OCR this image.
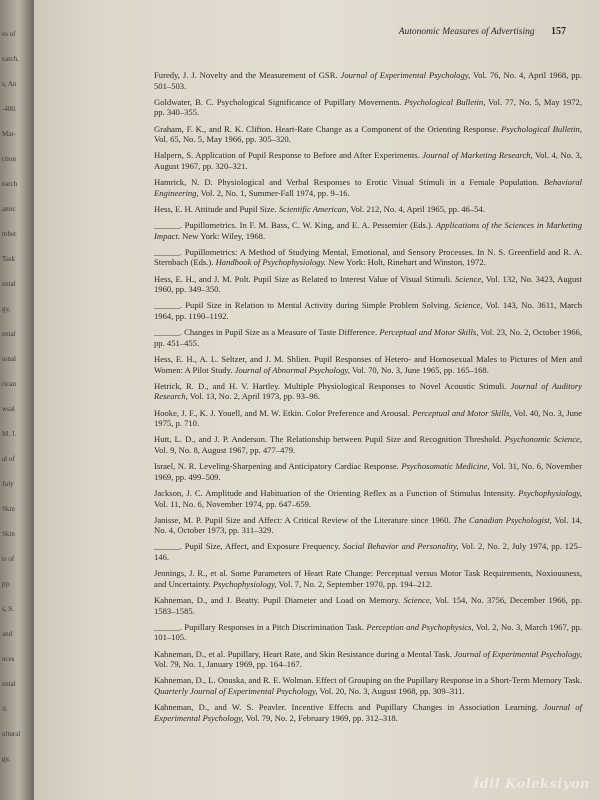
es of
earch,
s, An
-400.
Mar-
ction
earch
amic
mber
Task
ental
gy,
ental
ional
rican
wsal
M. J.
al of
July
Skin
Skin
ts of
pp.
s, S.
and
nces
ental
il.
ultural
gy,
Autonomic Measures of Advertising 157

Furedy, J. J. Novelty and the Measurement of GSR. Journal of Experimental Psychology, Vol. 76, No. 4, April 1968, pp. 501–503.

Goldwater, B. C. Psychological Significance of Pupillary Movements. Psychological Bulletin, Vol. 77, No. 5, May 1972, pp. 340–355.

Graham, F. K., and R. K. Clifton. Heart-Rate Change as a Component of the Orienting Response. Psychological Bulletin, Vol. 65, No. 5, May 1966, pp. 305–320.

Halpern, S. Application of Pupil Response to Before and After Experiments. Journal of Marketing Research, Vol. 4, No. 3, August 1967, pp. 320–321.

Hamrick, N. D. Physiological and Verbal Responses to Erotic Visual Stimuli in a Female Population. Behavioral Engineering, Vol. 2, No. 1, Summer-Fall 1974, pp. 9–16.

Hess, E. H. Attitude and Pupil Size. Scientific American, Vol. 212, No. 4, April 1965, pp. 46–54.

______. Pupillometrics. In F. M. Bass, C. W. King, and E. A. Pessemier (Eds.). Applications of the Sciences in Marketing Impact. New York: Wiley, 1968.

______. Pupillometrics: A Method of Studying Mental, Emotional, and Sensory Processes. In N. S. Greenfield and R. A. Sternbach (Eds.). Handbook of Psychophysiology. New York: Holt, Rinehart and Winston, 1972.

Hess, E. H., and J. M. Polt. Pupil Size as Related to Interest Value of Visual Stimuli. Science, Vol. 132, No. 3423, August 1960, pp. 349–350.

______. Pupil Size in Relation to Mental Activity during Simple Problem Solving. Science, Vol. 143, No. 3611, March 1964, pp. 1190–1192.

______. Changes in Pupil Size as a Measure of Taste Difference. Perceptual and Motor Skills, Vol. 23, No. 2, October 1966, pp. 451–455.

Hess, E. H., A. L. Seltzer, and J. M. Shlien. Pupil Responses of Hetero- and Homosexual Males to Pictures of Men and Women: A Pilot Study. Journal of Abnormal Psychology, Vol. 70, No. 3, June 1965, pp. 165–168.

Hetrick, R. D., and H. V. Hartley. Multiple Physiological Responses to Novel Acoustic Stimuli. Journal of Auditory Research, Vol. 13, No. 2, April 1973, pp. 93–96.

Hooke, J. F., K. J. Youell, and M. W. Etkin. Color Preference and Arousal. Perceptual and Motor Skills, Vol. 40, No. 3, June 1975, p. 710.

Hutt, L. D., and J. P. Anderson. The Relationship between Pupil Size and Recognition Threshold. Psychonomic Science, Vol. 9, No. 8, August 1967, pp. 477–479.

Israel, N. R. Leveling-Sharpening and Anticipatory Cardiac Response. Psychosomatic Medicine, Vol. 31, No. 6, November 1969, pp. 499–509.

Jackson, J. C. Amplitude and Habituation of the Orienting Reflex as a Function of Stimulus Intensity. Psychophysiology, Vol. 11, No. 6, November 1974, pp. 647–659.

Janisse, M. P. Pupil Size and Affect: A Critical Review of the Literature since 1960. The Canadian Psychologist, Vol. 14, No. 4, October 1973, pp. 311–329.

______. Pupil Size, Affect, and Exposure Frequency. Social Behavior and Personality, Vol. 2, No. 2, July 1974, pp. 125–146.

Jennings, J. R., et al. Some Parameters of Heart Rate Change: Perceptual versus Motor Task Requirements, Noxiousness, and Uncertainty. Psychophysiology, Vol. 7, No. 2, September 1970, pp. 194–212.

Kahneman, D., and J. Beatty. Pupil Diameter and Load on Memory. Science, Vol. 154, No. 3756, December 1966, pp. 1583–1585.

______. Pupillary Responses in a Pitch Discrimination Task. Perception and Psychophysics, Vol. 2, No. 3, March 1967, pp. 101–105.

Kahneman, D., et al. Pupillary, Heart Rate, and Skin Resistance during a Mental Task. Journal of Experimental Psychology, Vol. 79, No. 1, January 1969, pp. 164–167.

Kahneman, D., L. Onuska, and R. E. Wolman. Effect of Grouping on the Pupillary Response in a Short-Term Memory Task. Quarterly Journal of Experimental Psychology, Vol. 20, No. 3, August 1968, pp. 309–311.

Kahneman, D., and W. S. Peavler. Incentive Effects and Pupillary Changes in Association Learning. Journal of Experimental Psychology, Vol. 79, No. 2, February 1969, pp. 312–318.

İdil Koleksiyon
